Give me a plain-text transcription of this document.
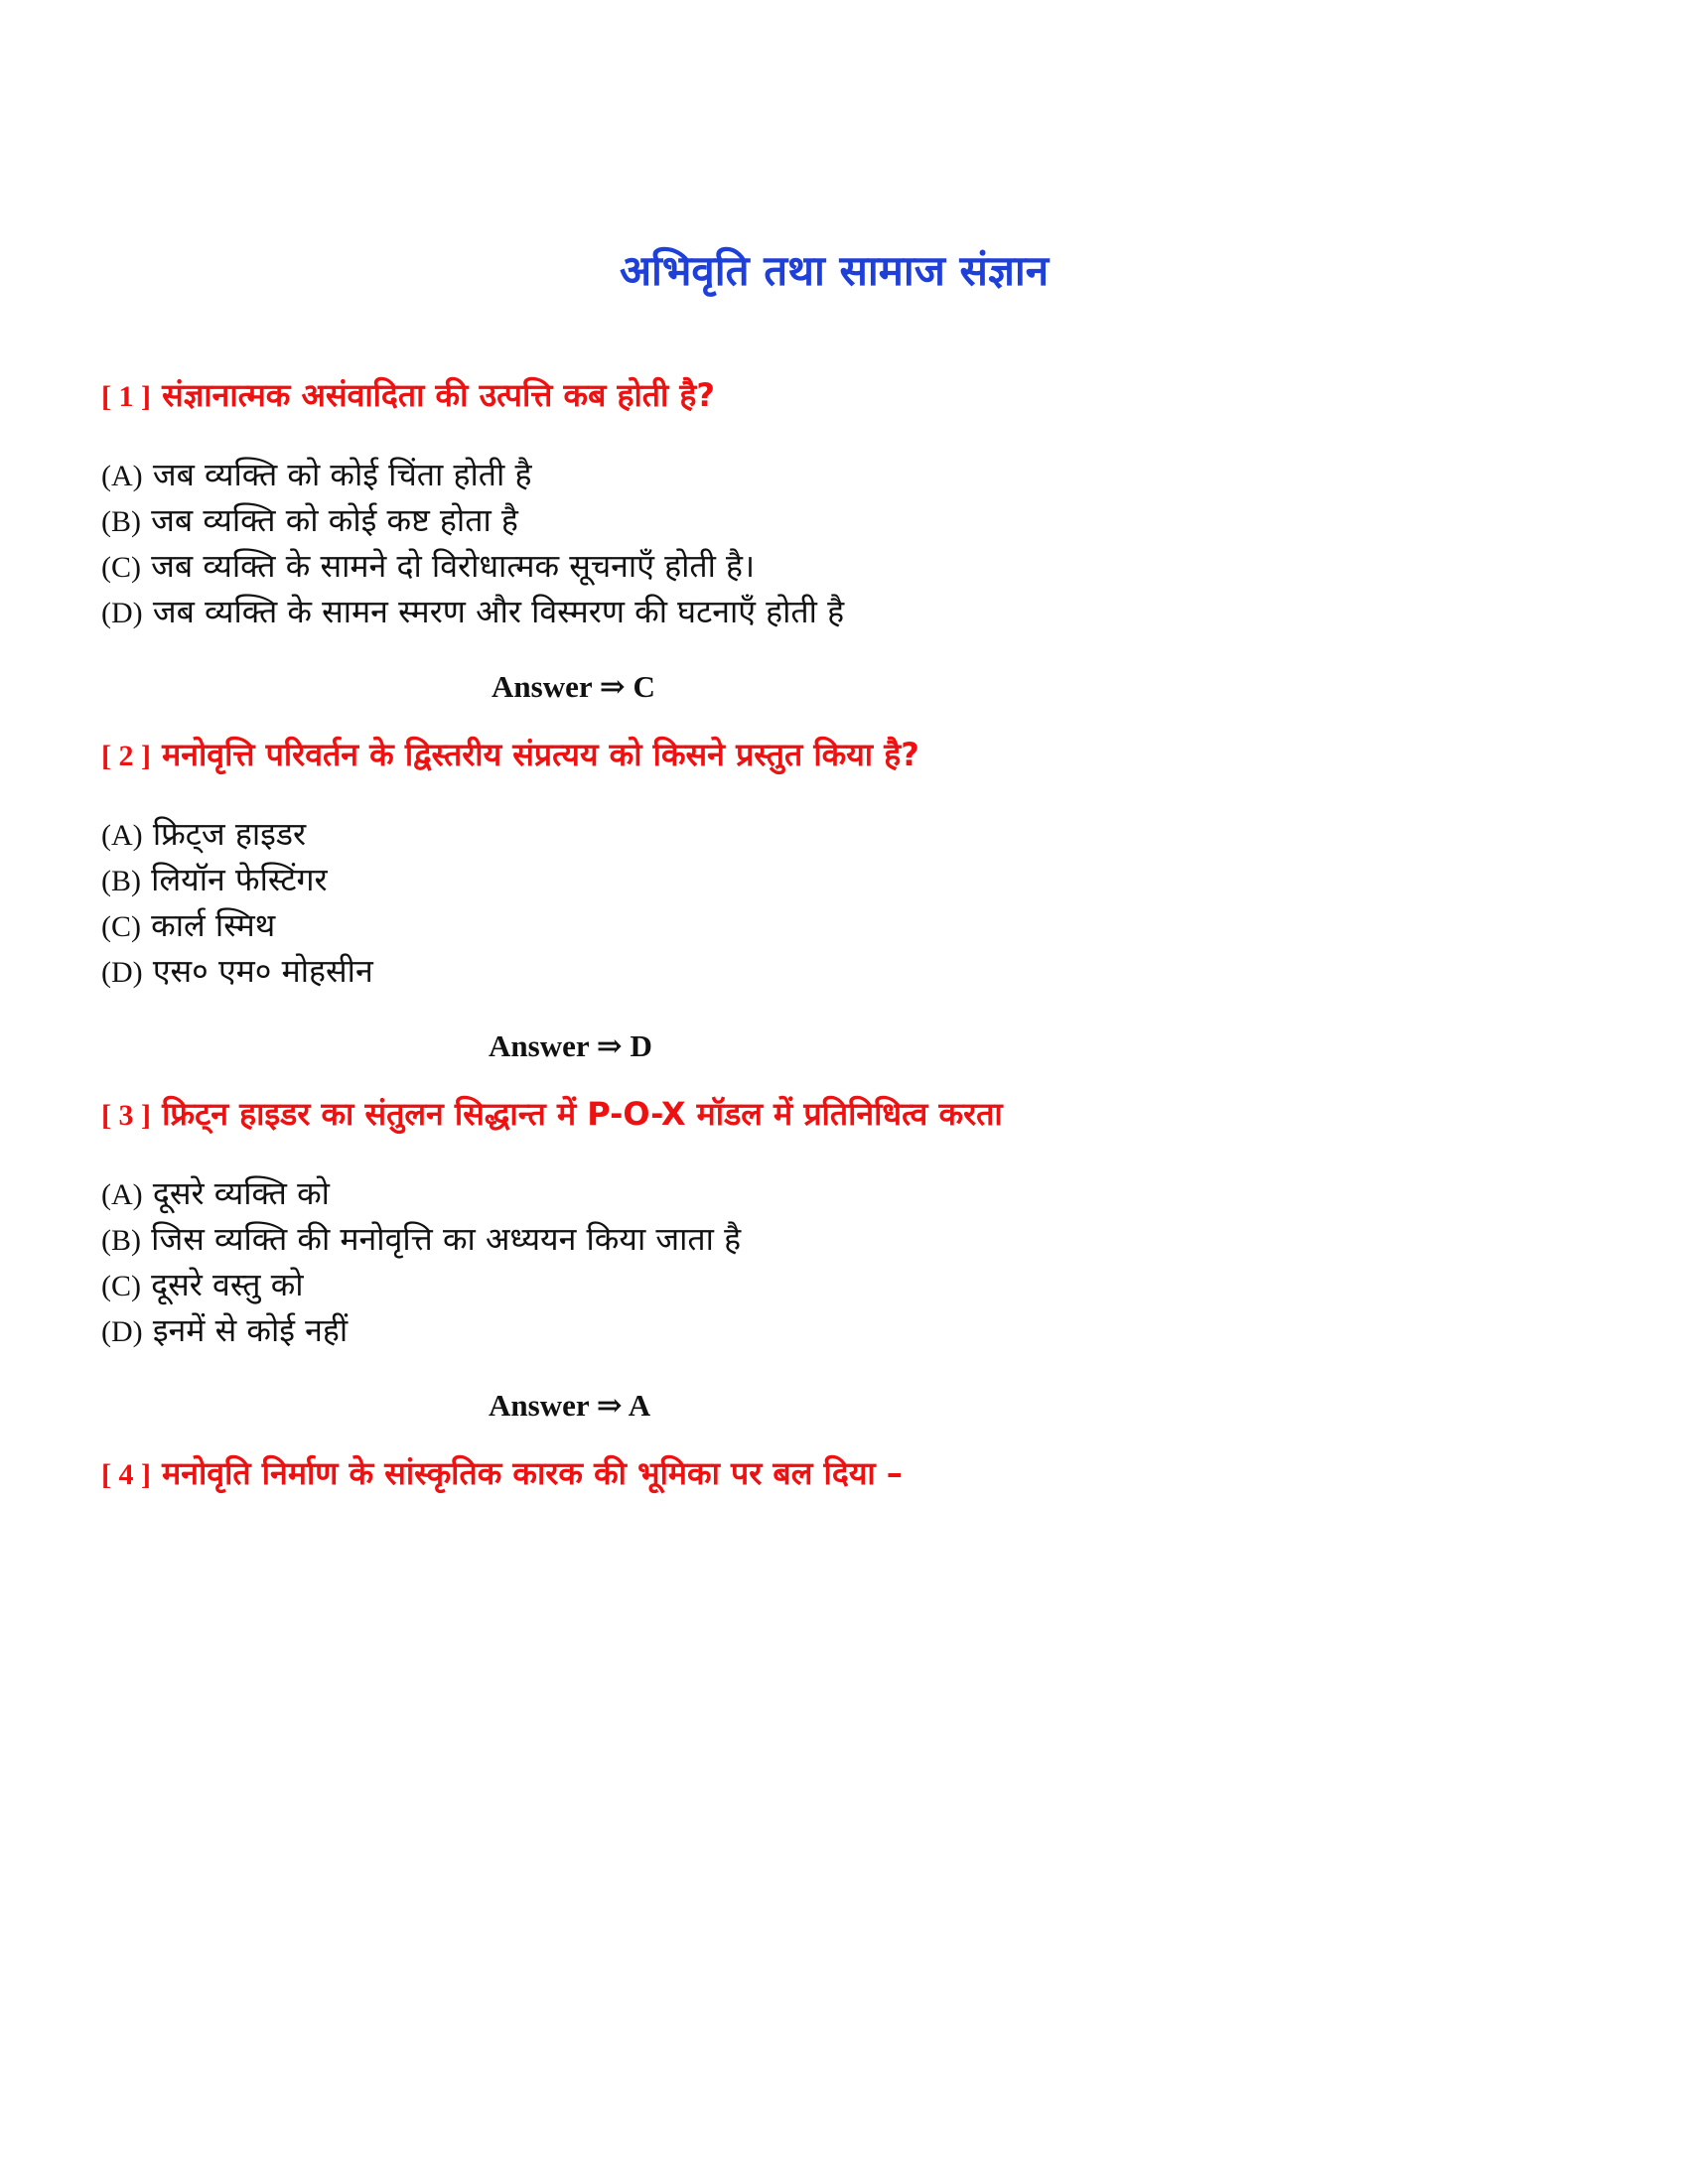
अभिवृति तथा सामाज संज्ञान
[ 1 ] संज्ञानात्मक असंवादिता की उत्पत्ति कब होती है?
(A) जब व्यक्ति को कोई चिंता होती है
(B) जब व्यक्ति को कोई कष्ट होता है
(C) जब व्यक्ति के सामने दो विरोधात्मक सूचनाएँ होती है।
(D) जब व्यक्ति के सामन स्मरण और विस्मरण की घटनाएँ होती है
Answer ⇒ C
[ 2 ] मनोवृत्ति परिवर्तन के द्विस्तरीय संप्रत्यय को किसने प्रस्तुत किया है?
(A) फ्रिट्ज हाइडर
(B) लियॉन फेस्टिंगर
(C) कार्ल स्मिथ
(D) एस० एम० मोहसीन
Answer ⇒ D
[ 3 ] फ्रिट्न हाइडर का संतुलन सिद्धान्त में P-O-X मॉडल में प्रतिनिधित्व करता
(A) दूसरे व्यक्ति को
(B) जिस व्यक्ति की मनोवृत्ति का अध्ययन किया जाता है
(C) दूसरे वस्तु को
(D) इनमें से कोई नहीं
Answer ⇒ A
[ 4 ] मनोवृति निर्माण के सांस्कृतिक कारक की भूमिका पर बल दिया –
